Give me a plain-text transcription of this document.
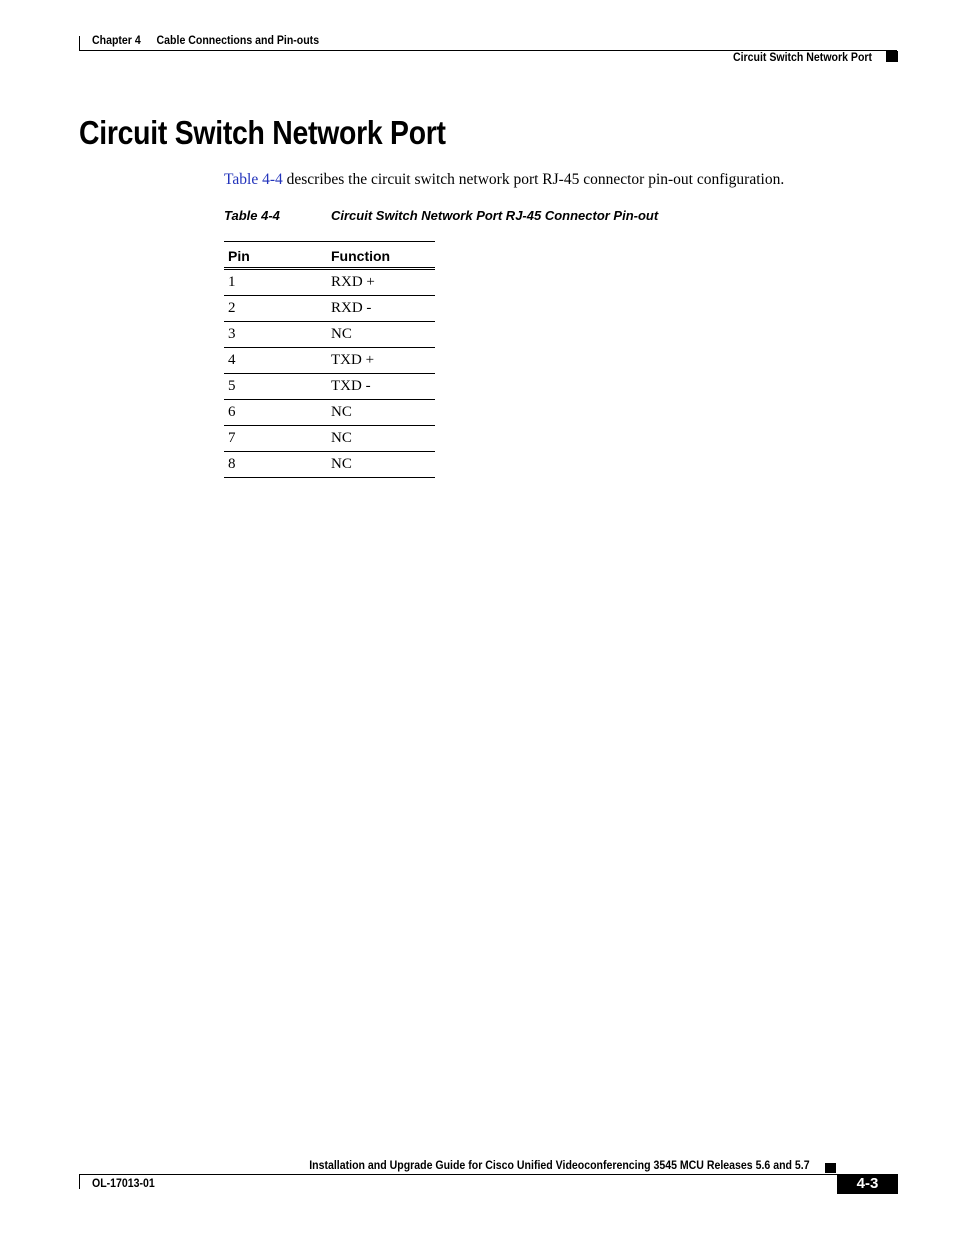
Chapter 4 Cable Connections and Pin-outs
Circuit Switch Network Port
Circuit Switch Network Port

Table 4-4 describes the circuit switch network port RJ-45 connector pin-out configuration.

Table 4-4	Circuit Switch Network Port RJ-45 Connector Pin-out
Pin	Function
1	RXD +
2	RXD -
3	NC
4	TXD +
5	TXD -
6	NC
7	NC
8	NC
Installation and Upgrade Guide for Cisco Unified Videoconferencing 3545 MCU Releases 5.6 and 5.7
OL-17013-01	4-3
